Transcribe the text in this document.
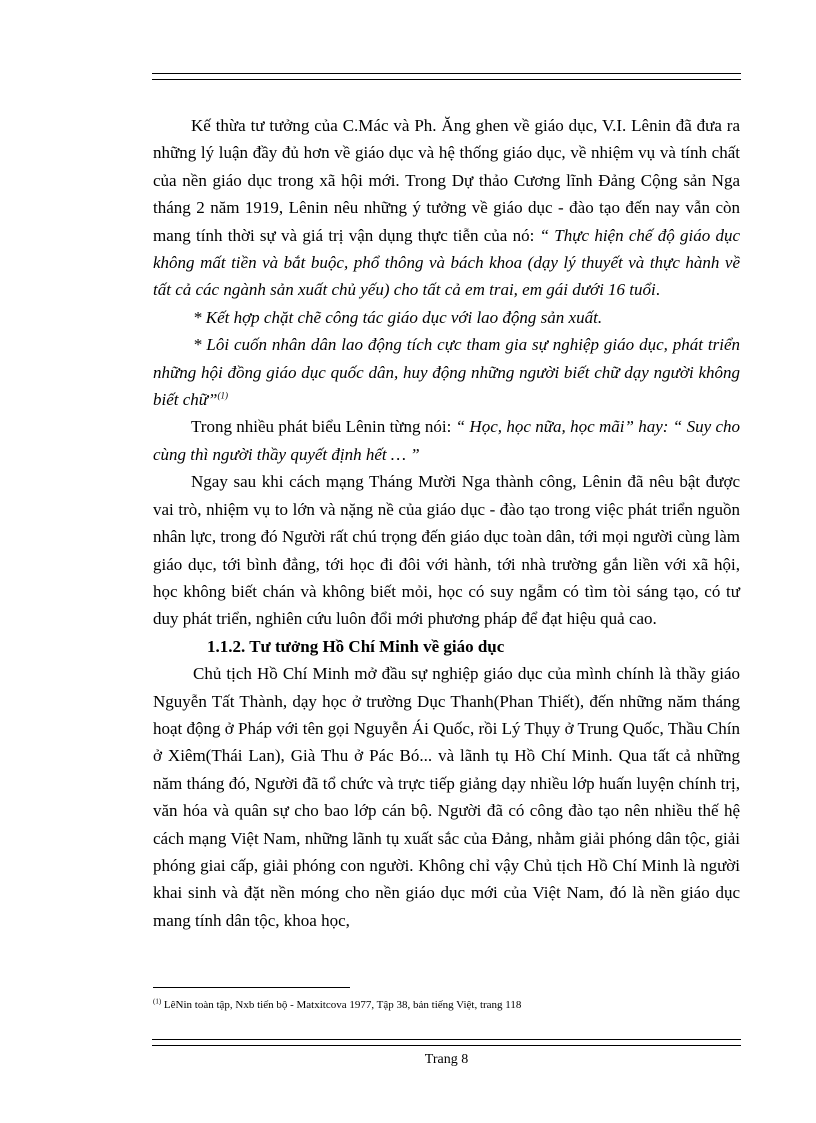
Kế thừa tư tưởng của C.Mác và Ph. Ăng ghen về giáo dục, V.I. Lênin đã đưa ra những lý luận đầy đủ hơn về giáo dục và hệ thống giáo dục, về nhiệm vụ và tính chất của nền giáo dục trong xã hội mới. Trong Dự thảo Cương lĩnh Đảng Cộng sản Nga tháng 2 năm 1919, Lênin nêu những ý tưởng về giáo dục - đào tạo đến nay vẫn còn mang tính thời sự và giá trị vận dụng thực tiễn của nó: “ Thực hiện chế độ giáo dục không mất tiền và bắt buộc, phổ thông và bách khoa (dạy lý thuyết và thực hành về tất cả các ngành sản xuất chủ yếu) cho tất cả em trai, em gái dưới 16 tuổi.

* Kết hợp chặt chẽ công tác giáo dục với lao động sản xuất.

* Lôi cuốn nhân dân lao động tích cực tham gia sự nghiệp giáo dục, phát triển những hội đồng giáo dục quốc dân, huy động những người biết chữ dạy người không biết chữ”$^{(1)}$

Trong nhiều phát biểu Lênin từng nói: “ Học, học nữa, học mãi” hay: “ Suy cho cùng thì người thầy quyết định hết … ”

Ngay sau khi cách mạng Tháng Mười Nga thành công, Lênin đã nêu bật được vai trò, nhiệm vụ to lớn và nặng nề của giáo dục - đào tạo trong việc phát triển nguồn nhân lực, trong đó Người rất chú trọng đến giáo dục toàn dân, tới mọi người cùng làm giáo dục, tới bình đẳng, tới học đi đôi với hành, tới nhà trường gắn liền với xã hội, học không biết chán và không biết mỏi, học có suy ngẫm có tìm tòi sáng tạo, có tư duy phát triển, nghiên cứu luôn đổi mới phương pháp để đạt hiệu quả cao.

1.1.2. Tư tưởng Hồ Chí Minh về giáo dục

Chủ tịch Hồ Chí Minh mở đầu sự nghiệp giáo dục của mình chính là thầy giáo Nguyễn Tất Thành, dạy học ở trường Dục Thanh(Phan Thiết), đến những năm tháng hoạt động ở Pháp với tên gọi Nguyễn Ái Quốc, rồi Lý Thụy ở Trung Quốc, Thầu Chín ở Xiêm(Thái Lan), Già Thu ở Pác Bó... và lãnh tụ Hồ Chí Minh. Qua tất cả những năm tháng đó, Người đã tổ chức và trực tiếp giảng dạy nhiều lớp huấn luyện chính trị, văn hóa và quân sự cho bao lớp cán bộ. Người đã có công đào tạo nên nhiều thế hệ cách mạng Việt Nam, những lãnh tụ xuất sắc của Đảng, nhằm giải phóng dân tộc, giải phóng giai cấp, giải phóng con người. Không chỉ vậy Chủ tịch Hồ Chí Minh là người khai sinh và đặt nền móng cho nền giáo dục mới của Việt Nam, đó là nền giáo dục mang tính dân tộc, khoa học,

$^{(1)}$ LêNin toàn tập, Nxb tiến bộ - Matxitcova 1977, Tập 38, bản tiếng Việt, trang 118
Trang 8
